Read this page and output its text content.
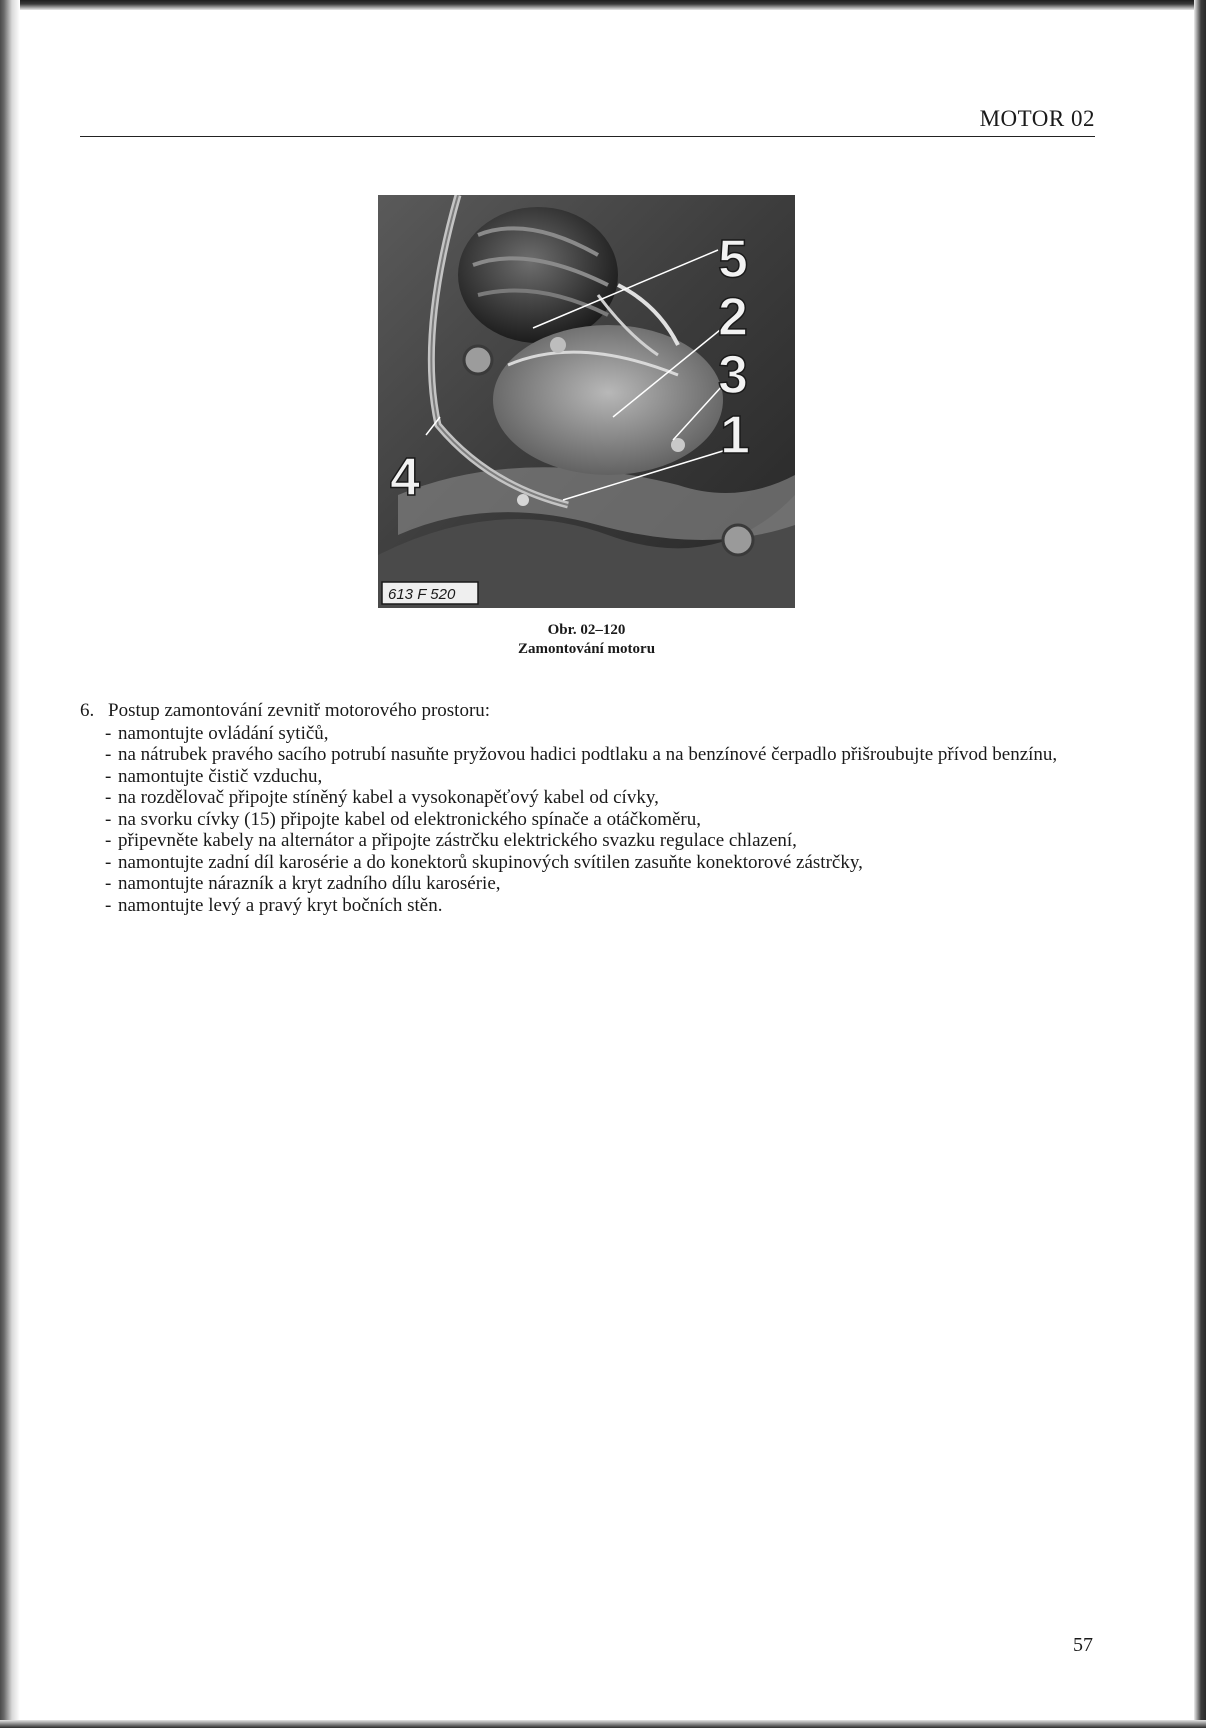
MOTOR 02
5
2
3
1
4
613 F 520
Obr. 02–120
Zamontování motoru

6. Postup zamontování zevnitř motorového prostoru:

- namontujte ovládání sytičů,
- na nátrubek pravého sacího potrubí nasuňte pryžovou hadici podtlaku a na benzínové čerpadlo přišroubujte přívod benzínu,
- namontujte čistič vzduchu,
- na rozdělovač připojte stíněný kabel a vysokonapěťový kabel od cívky,
- na svorku cívky (15) připojte kabel od elektronického spínače a otáčkoměru,
- připevněte kabely na alternátor a připojte zástrčku elektrického svazku regulace chlazení,
- namontujte zadní díl karosérie a do konektorů skupinových svítilen zasuňte konektorové zástrčky,
- namontujte nárazník a kryt zadního dílu karosérie,
- namontujte levý a pravý kryt bočních stěn.
57
